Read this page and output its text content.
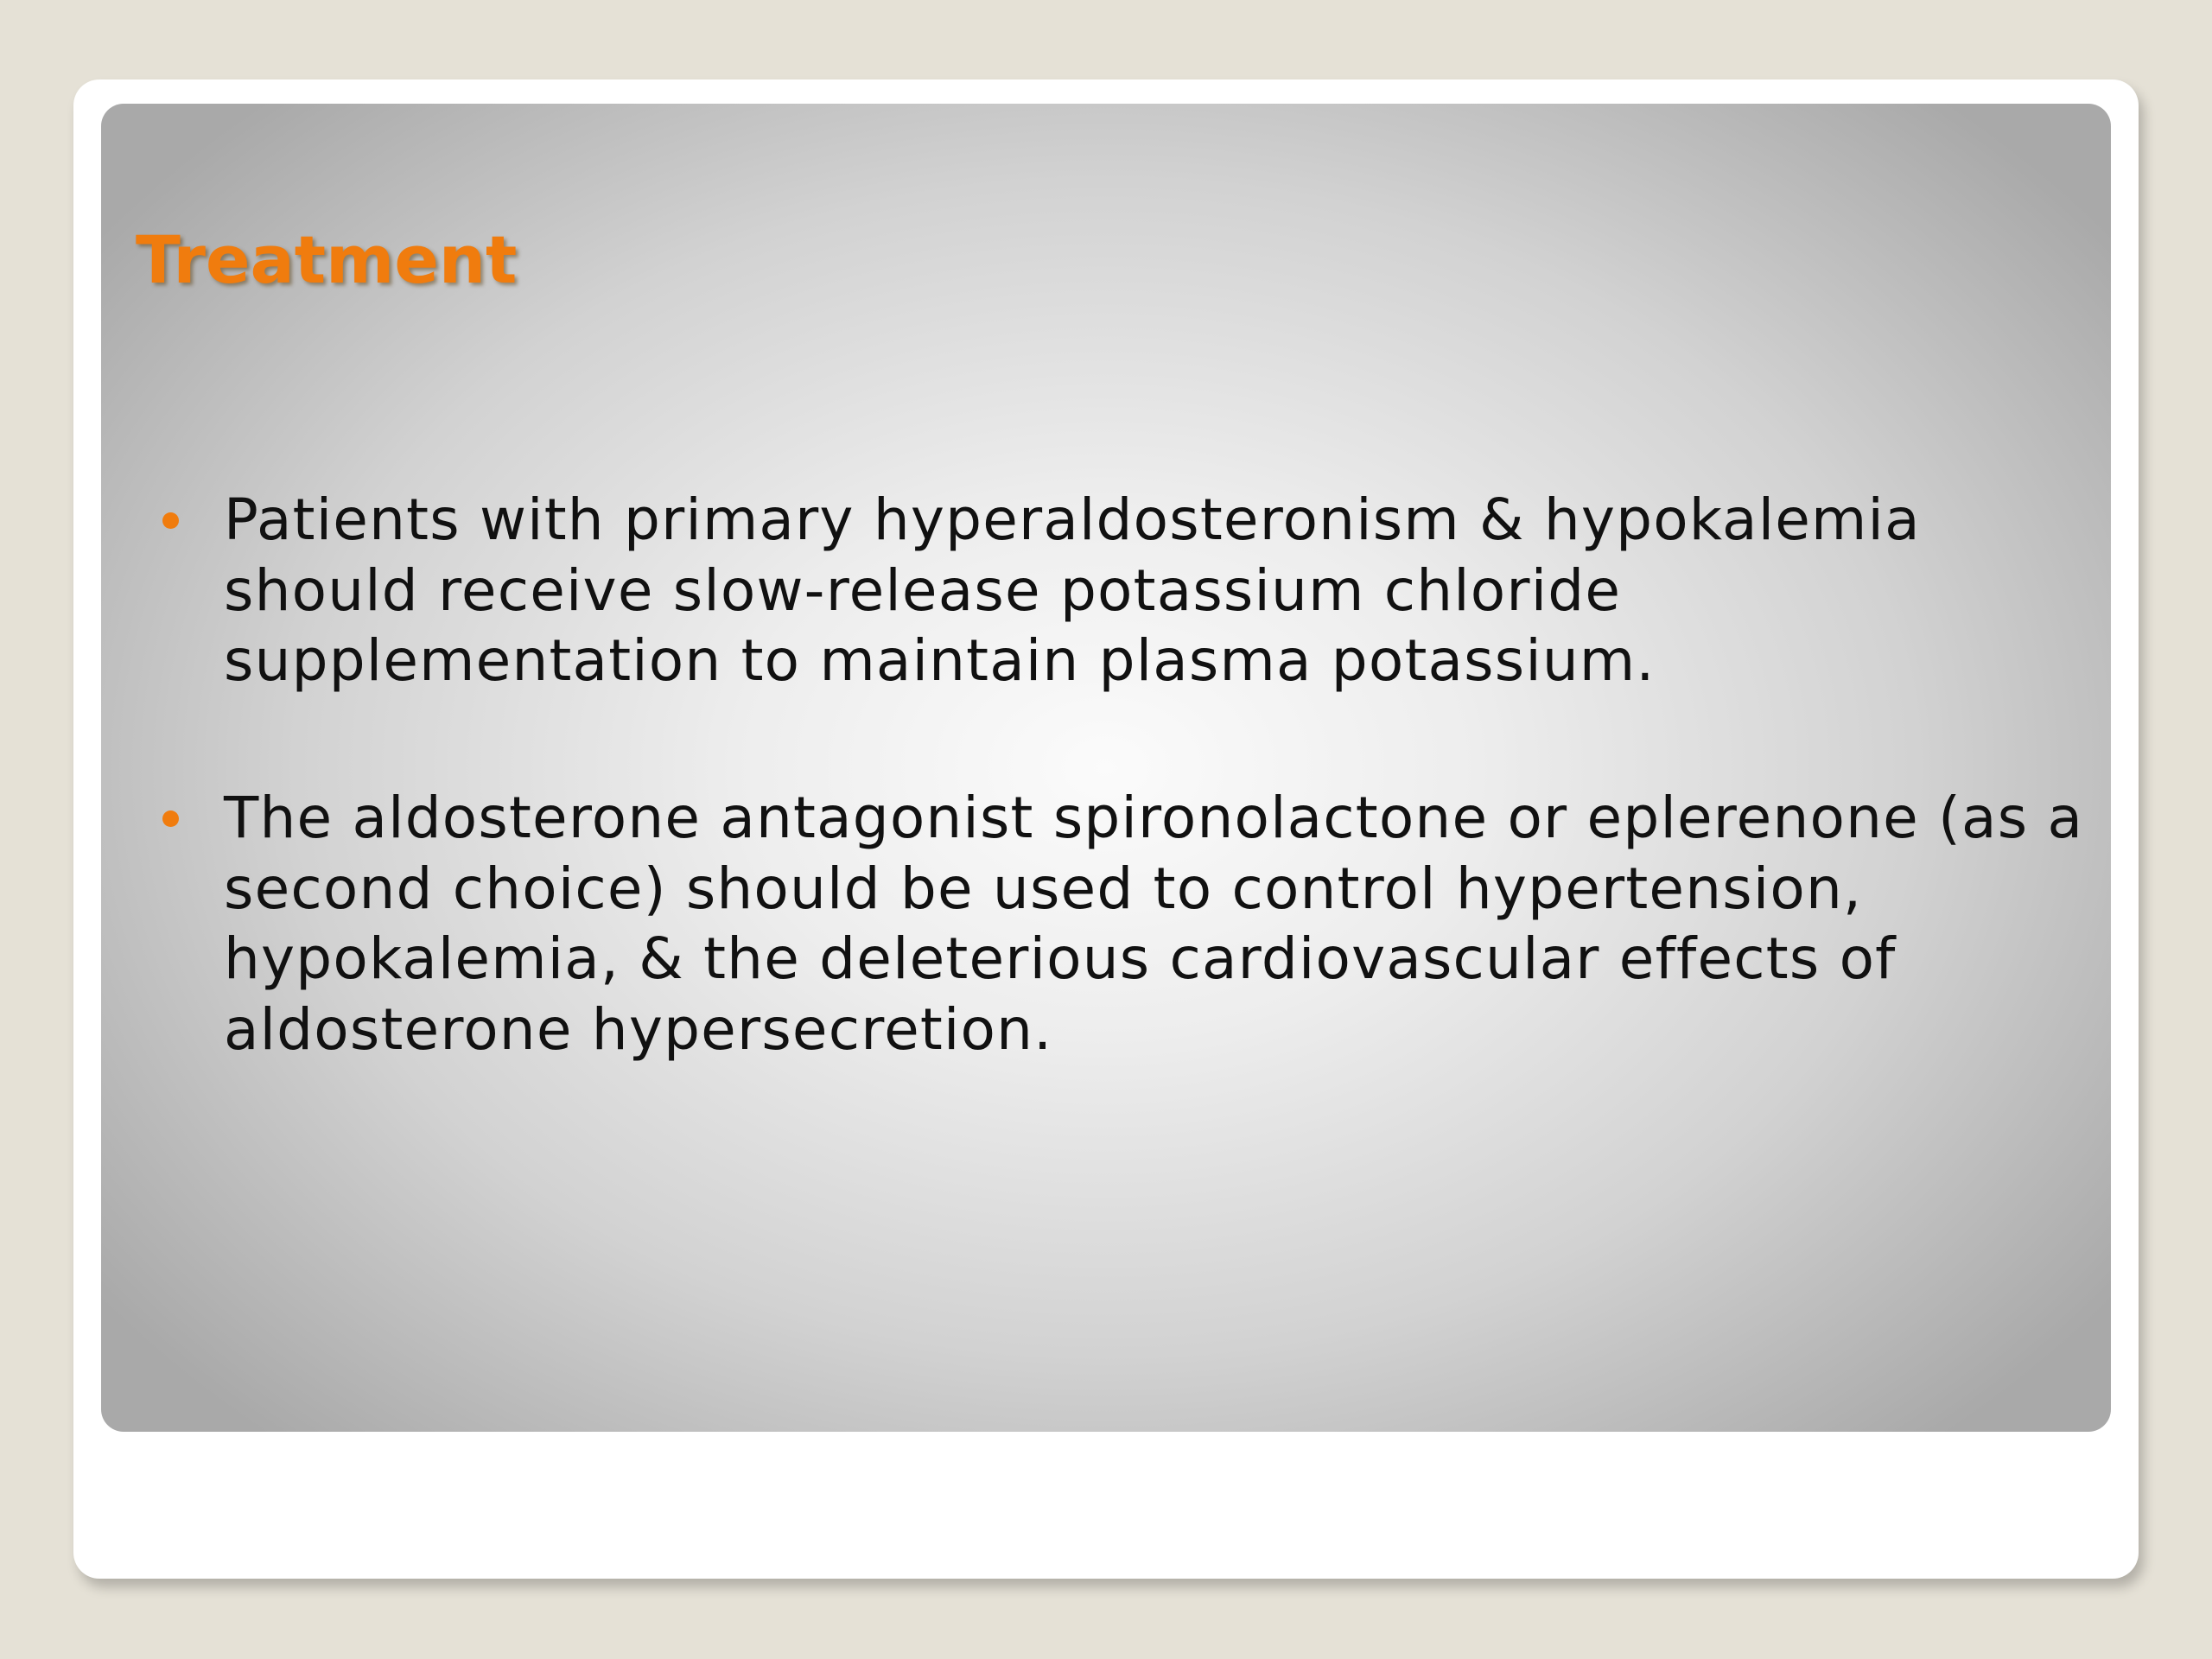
Treatment
Patients with primary hyperaldosteronism & hypokalemia
should receive slow-release potassium chloride
supplementation to maintain plasma potassium.
The aldosterone antagonist spironolactone or eplerenone (as a
second choice) should be used to control hypertension,
hypokalemia, & the deleterious cardiovascular effects of
aldosterone hypersecretion.
